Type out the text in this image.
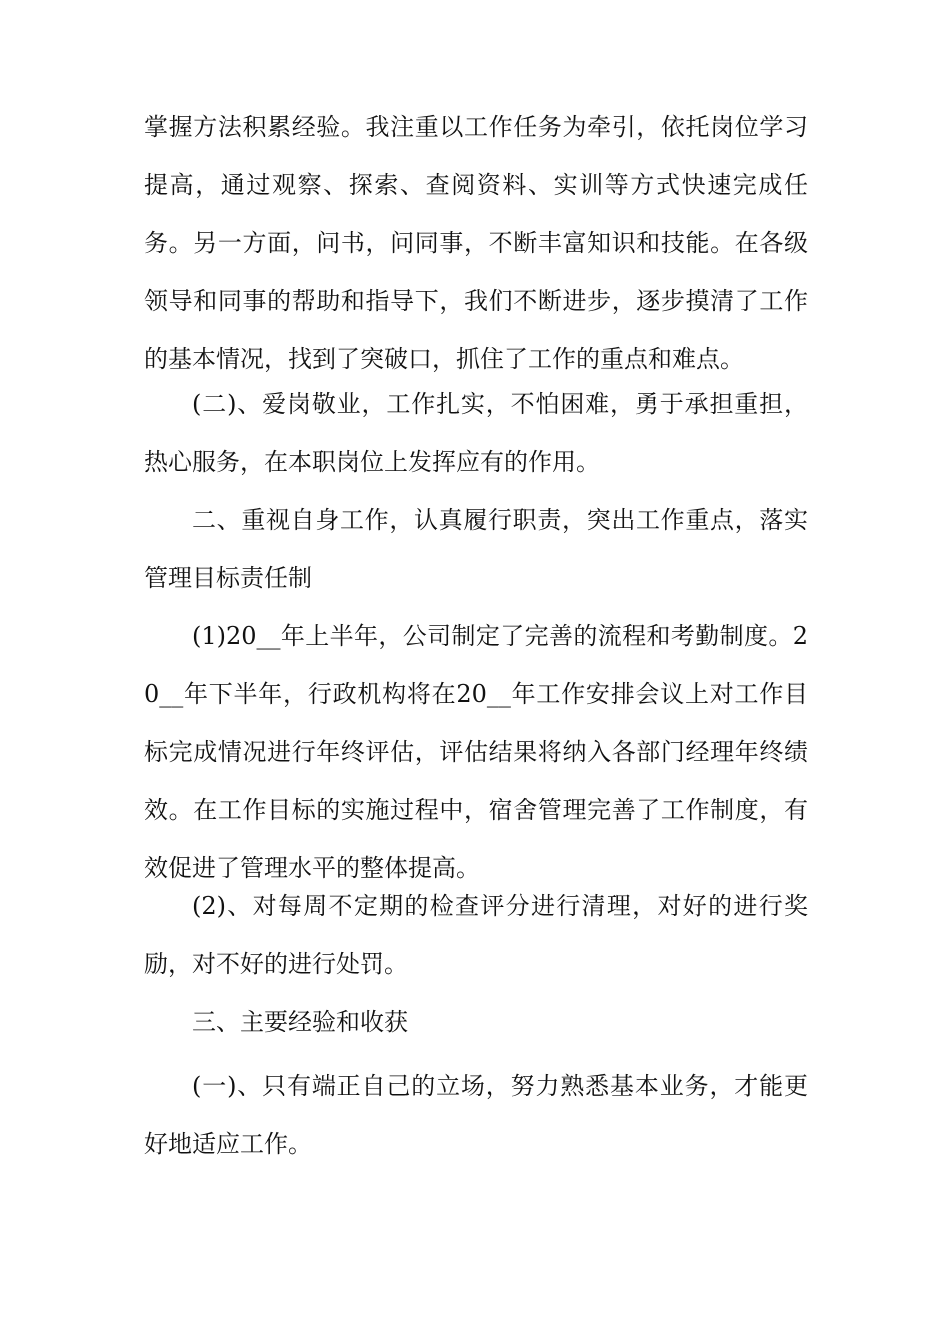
掌握方法积累经验。我注重以工作任务为牵引，依托岗位学习提高，通过观察、探索、查阅资料、实训等方式快速完成任务。另一方面，问书，问同事，不断丰富知识和技能。在各级领导和同事的帮助和指导下，我们不断进步，逐步摸清了工作的基本情况，找到了突破口，抓住了工作的重点和难点。

(二)、爱岗敬业，工作扎实，不怕困难，勇于承担重担，热心服务，在本职岗位上发挥应有的作用。

二、重视自身工作，认真履行职责，突出工作重点，落实管理目标责任制

(1)20__年上半年，公司制定了完善的流程和考勤制度。20__年下半年，行政机构将在20__年工作安排会议上对工作目标完成情况进行年终评估，评估结果将纳入各部门经理年终绩效。在工作目标的实施过程中，宿舍管理完善了工作制度，有效促进了管理水平的整体提高。

(2)、对每周不定期的检查评分进行清理，对好的进行奖励，对不好的进行处罚。

三、主要经验和收获

(一)、只有端正自己的立场，努力熟悉基本业务，才能更好地适应工作。
